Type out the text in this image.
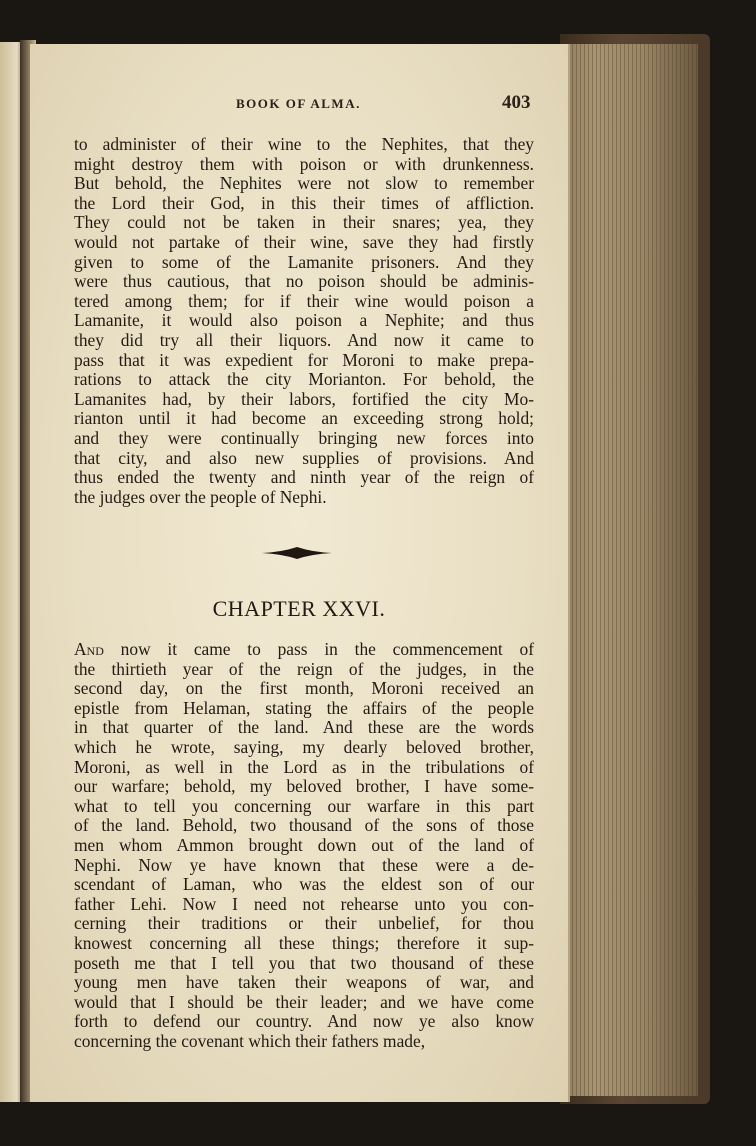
BOOK OF ALMA.	403
to administer of their wine to the Nephites, that they
might destroy them with poison or with drunkenness.
But behold, the Nephites were not slow to remember
the Lord their God, in this their times of affliction.
They could not be taken in their snares; yea, they
would not partake of their wine, save they had firstly
given to some of the Lamanite prisoners. And they
were thus cautious, that no poison should be adminis-
tered among them; for if their wine would poison a
Lamanite, it would also poison a Nephite; and thus
they did try all their liquors. And now it came to
pass that it was expedient for Moroni to make prepa-
rations to attack the city Morianton. For behold, the
Lamanites had, by their labors, fortified the city Mo-
rianton until it had become an exceeding strong hold;
and they were continually bringing new forces into
that city, and also new supplies of provisions. And
thus ended the twenty and ninth year of the reign of
the judges over the people of Nephi.
CHAPTER XXVI.
And now it came to pass in the commencement of
the thirtieth year of the reign of the judges, in the
second day, on the first month, Moroni received an
epistle from Helaman, stating the affairs of the people
in that quarter of the land. And these are the words
which he wrote, saying, my dearly beloved brother,
Moroni, as well in the Lord as in the tribulations of
our warfare; behold, my beloved brother, I have some-
what to tell you concerning our warfare in this part
of the land. Behold, two thousand of the sons of those
men whom Ammon brought down out of the land of
Nephi. Now ye have known that these were a de-
scendant of Laman, who was the eldest son of our
father Lehi. Now I need not rehearse unto you con-
cerning their traditions or their unbelief, for thou
knowest concerning all these things; therefore it sup-
poseth me that I tell you that two thousand of these
young men have taken their weapons of war, and
would that I should be their leader; and we have come
forth to defend our country. And now ye also know
concerning the covenant which their fathers made,
